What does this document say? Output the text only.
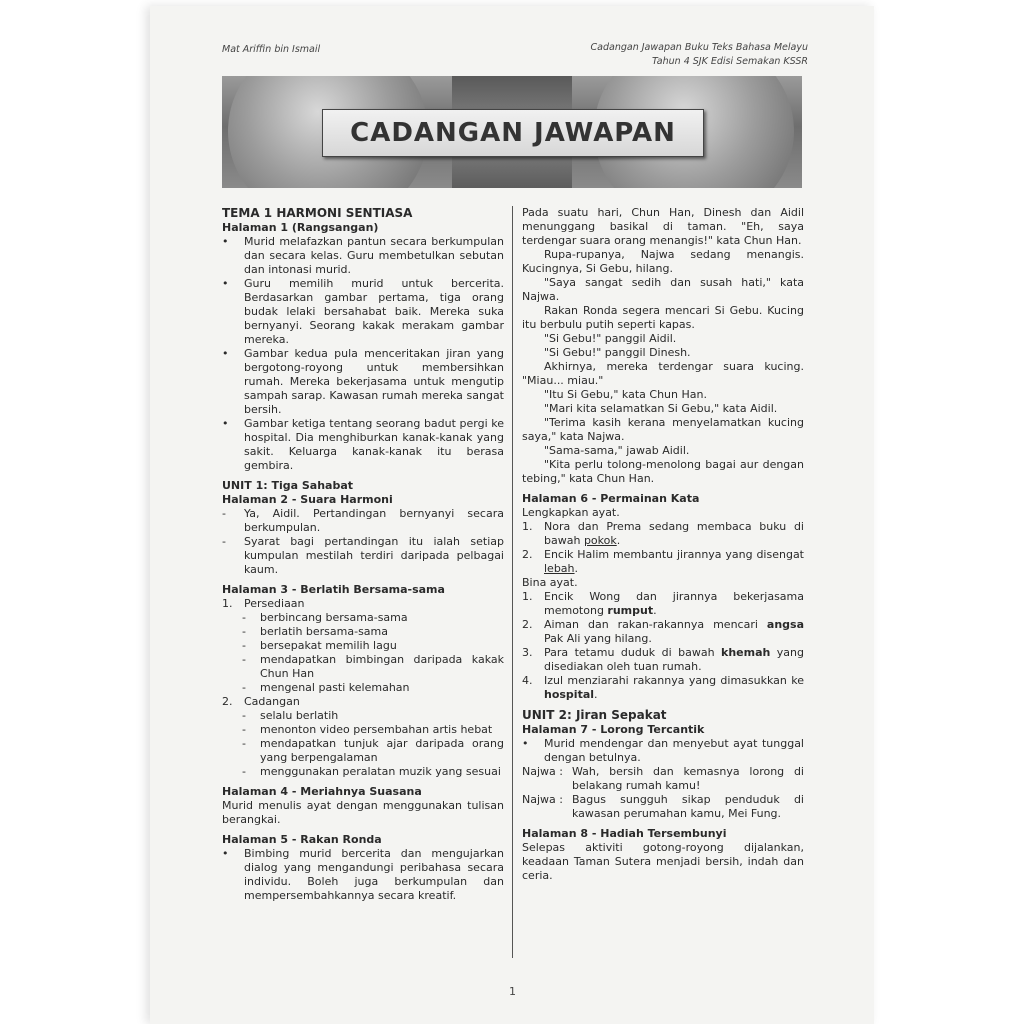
Mat Ariffin bin Ismail	Cadangan Jawapan Buku Teks Bahasa Melayu
Tahun 4 SJK Edisi Semakan KSSR
CADANGAN JAWAPAN
TEMA 1 HARMONI SENTIASA
Halaman 1 (Rangsangan)
•	Murid melafazkan pantun secara berkumpulan dan secara kelas. Guru membetulkan sebutan dan intonasi murid.
•	Guru memilih murid untuk bercerita. Berdasarkan gambar pertama, tiga orang budak lelaki bersahabat baik. Mereka suka bernyanyi. Seorang kakak merakam gambar mereka.
•	Gambar kedua pula menceritakan jiran yang bergotong-royong untuk membersihkan rumah. Mereka bekerjasama untuk mengutip sampah sarap. Kawasan rumah mereka sangat bersih.
•	Gambar ketiga tentang seorang badut pergi ke hospital. Dia menghiburkan kanak-kanak yang sakit. Keluarga kanak-kanak itu berasa gembira.
UNIT 1: Tiga Sahabat
Halaman 2 - Suara Harmoni
-	Ya, Aidil. Pertandingan bernyanyi secara berkumpulan.
-	Syarat bagi pertandingan itu ialah setiap kumpulan mestilah terdiri daripada pelbagai kaum.
Halaman 3 - Berlatih Bersama-sama
1.	Persediaan
-	berbincang bersama-sama
-	berlatih bersama-sama
-	bersepakat memilih lagu
-	mendapatkan bimbingan daripada kakak Chun Han
-	mengenal pasti kelemahan
2.	Cadangan
-	selalu berlatih
-	menonton video persembahan artis hebat
-	mendapatkan tunjuk ajar daripada orang yang berpengalaman
-	menggunakan peralatan muzik yang sesuai
Halaman 4 - Meriahnya Suasana
Murid menulis ayat dengan menggunakan tulisan berangkai.
Halaman 5 - Rakan Ronda
•	Bimbing murid bercerita dan mengujarkan dialog yang mengandungi peribahasa secara individu. Boleh juga berkumpulan dan mempersembahkannya secara kreatif.
Pada suatu hari, Chun Han, Dinesh dan Aidil menunggang basikal di taman. "Eh, saya terdengar suara orang menangis!" kata Chun Han.
Rupa-rupanya, Najwa sedang menangis. Kucingnya, Si Gebu, hilang.
"Saya sangat sedih dan susah hati," kata Najwa.
Rakan Ronda segera mencari Si Gebu. Kucing itu berbulu putih seperti kapas.
"Si Gebu!" panggil Aidil.
"Si Gebu!" panggil Dinesh.
Akhirnya, mereka terdengar suara kucing. "Miau... miau."
"Itu Si Gebu," kata Chun Han.
"Mari kita selamatkan Si Gebu," kata Aidil.
"Terima kasih kerana menyelamatkan kucing saya," kata Najwa.
"Sama-sama," jawab Aidil.
"Kita perlu tolong-menolong bagai aur dengan tebing," kata Chun Han.
Halaman 6 - Permainan Kata
Lengkapkan ayat.
1.	Nora dan Prema sedang membaca buku di bawah pokok.
2.	Encik Halim membantu jirannya yang disengat lebah.
Bina ayat.
1.	Encik Wong dan jirannya bekerjasama memotong rumput.
2.	Aiman dan rakan-rakannya mencari angsa Pak Ali yang hilang.
3.	Para tetamu duduk di bawah khemah yang disediakan oleh tuan rumah.
4.	Izul menziarahi rakannya yang dimasukkan ke hospital.
UNIT 2: Jiran Sepakat
Halaman 7 - Lorong Tercantik
•	Murid mendengar dan menyebut ayat tunggal dengan betulnya.
Najwa : Wah, bersih dan kemasnya lorong di belakang rumah kamu!
Najwa : Bagus sungguh sikap penduduk di kawasan perumahan kamu, Mei Fung.
Halaman 8 - Hadiah Tersembunyi
Selepas aktiviti gotong-royong dijalankan, keadaan Taman Sutera menjadi bersih, indah dan ceria.
1
